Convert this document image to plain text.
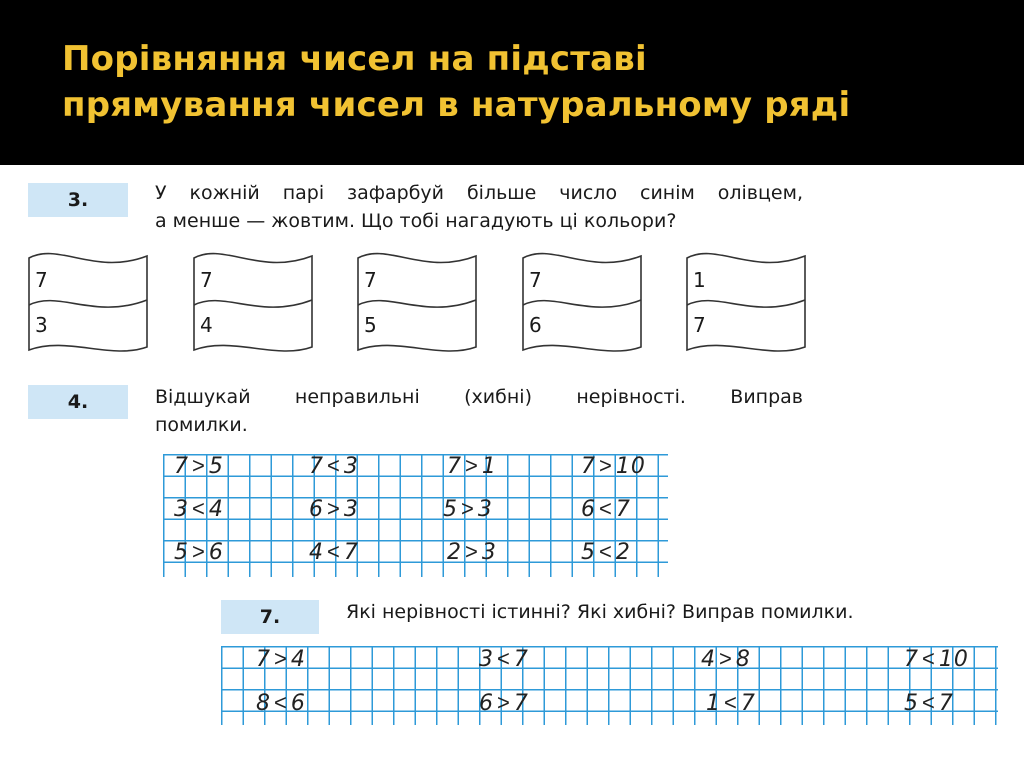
Порівняння чисел на підставі
прямування чисел в натуральному ряді
3.	У кожній парі зафарбуй більше число синім олівцем,
а менше — жовтим. Що тобі нагадують ці кольори?
7
3
7
4
7
5
7
6
1
7
4.	Відшукай неправильні (хибні) нерівності. Виправ
помилки.
7 > 5	7 < 3	7 > 1	7 > 10
3 < 4	6 > 3	5 > 3	6 < 7
5 > 6	4 < 7	2 > 3	5 < 2
7.	Які нерівності істинні? Які хибні? Виправ помилки.
7 > 4	3 < 7	4 > 8	7 < 10
8 < 6	6 > 7	1 < 7	5 < 7
